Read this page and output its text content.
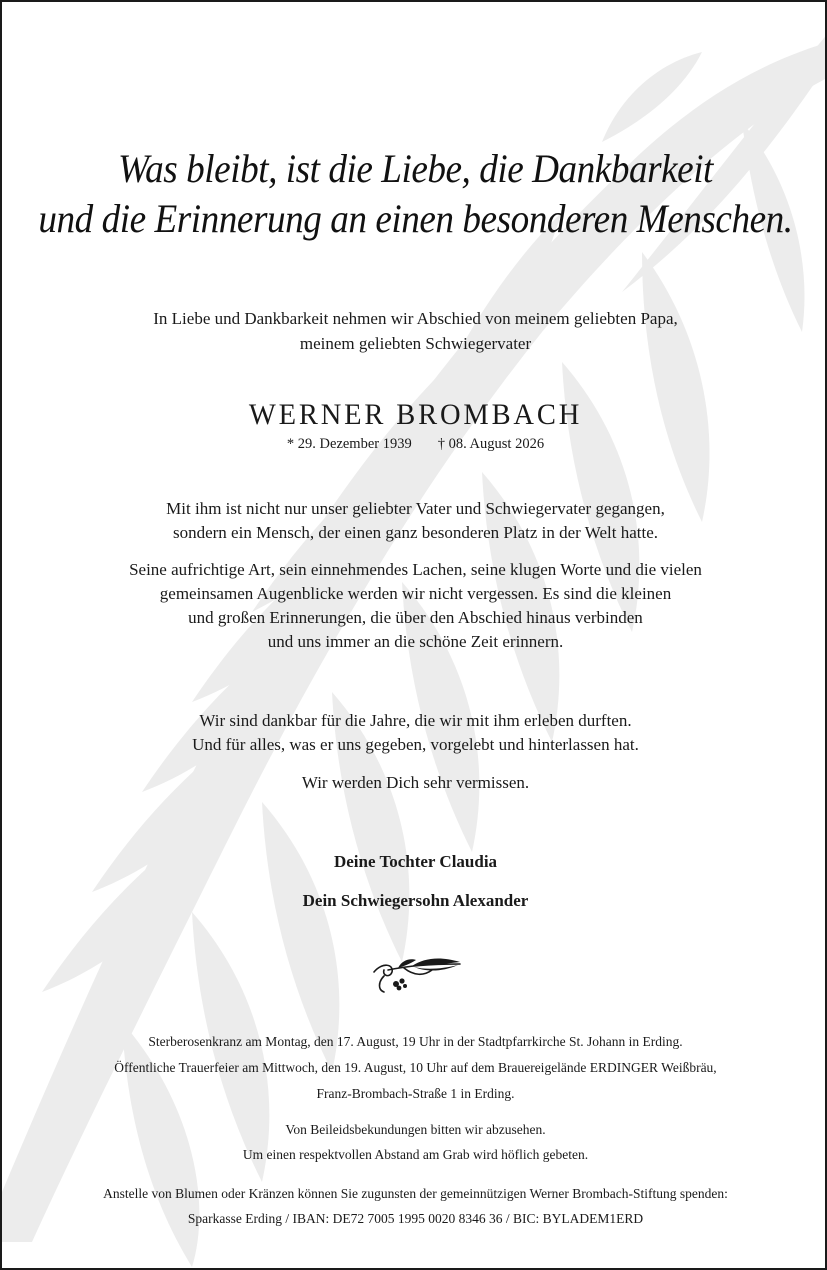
Was bleibt, ist die Liebe, die Dankbarkeit
und die Erinnerung an einen besonderen Menschen.
In Liebe und Dankbarkeit nehmen wir Abschied von meinem geliebten Papa,
meinem geliebten Schwiegervater
WERNER BROMBACH
* 29. Dezember 1939 † 08. August 2026
Mit ihm ist nicht nur unser geliebter Vater und Schwiegervater gegangen,
sondern ein Mensch, der einen ganz besonderen Platz in der Welt hatte.
Seine aufrichtige Art, sein einnehmendes Lachen, seine klugen Worte und die vielen
gemeinsamen Augenblicke werden wir nicht vergessen. Es sind die kleinen
und großen Erinnerungen, die über den Abschied hinaus verbinden
und uns immer an die schöne Zeit erinnern.
Wir sind dankbar für die Jahre, die wir mit ihm erleben durften.
Und für alles, was er uns gegeben, vorgelebt und hinterlassen hat.
Wir werden Dich sehr vermissen.
Deine Tochter Claudia
Dein Schwiegersohn Alexander
Sterberosenkranz am Montag, den 17. August, 19 Uhr in der Stadtpfarrkirche St. Johann in Erding.
Öffentliche Trauerfeier am Mittwoch, den 19. August, 10 Uhr auf dem Brauereigelände ERDINGER Weißbräu,
Franz-Brombach-Straße 1 in Erding.
Von Beileidsbekundungen bitten wir abzusehen.
Um einen respektvollen Abstand am Grab wird höflich gebeten.
Anstelle von Blumen oder Kränzen können Sie zugunsten der gemeinnützigen Werner Brombach-Stiftung spenden:
Sparkasse Erding / IBAN: DE72 7005 1995 0020 8346 36 / BIC: BYLADEM1ERD
